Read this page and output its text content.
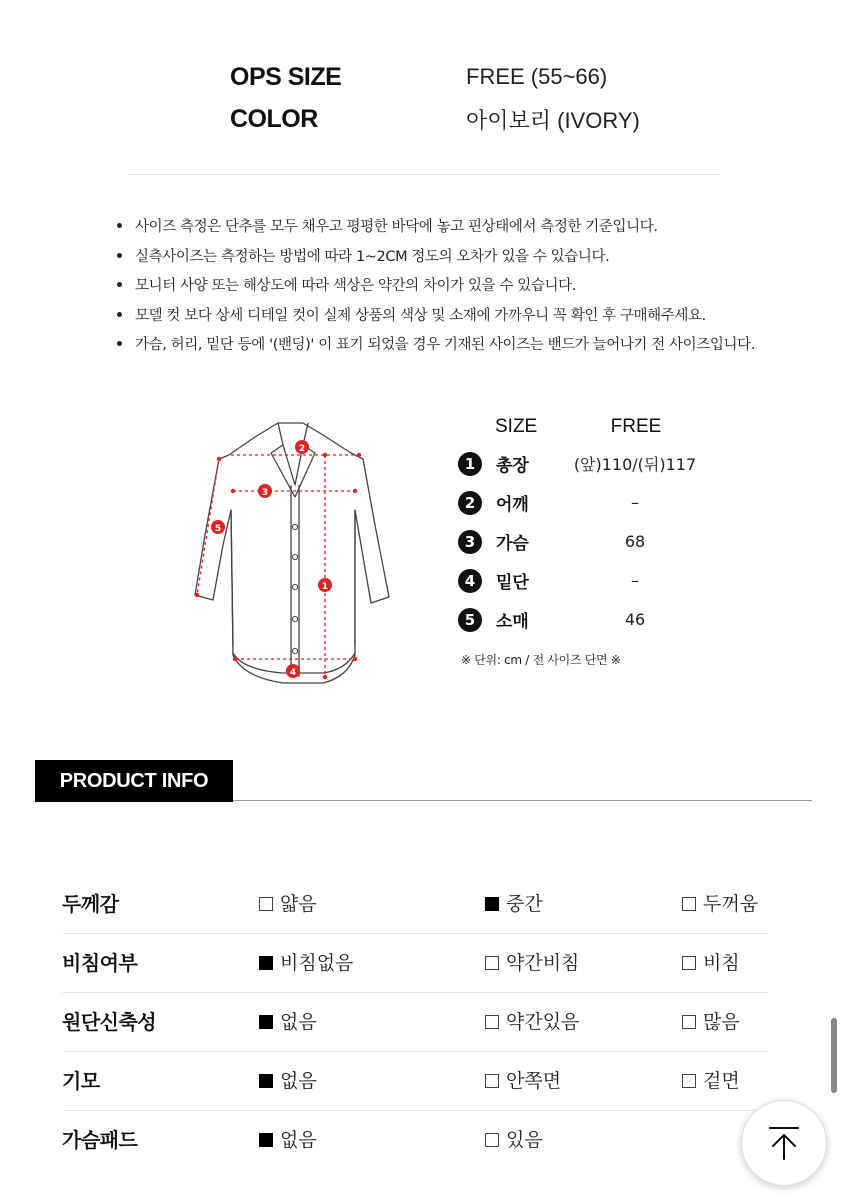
OPS SIZE	FREE (55~66)
COLOR	아이보리 (IVORY)
사이즈 측정은 단추를 모두 채우고 평평한 바닥에 놓고 핀상태에서 측정한 기준입니다.
실측사이즈는 측정하는 방법에 따라 1~2CM 정도의 오차가 있을 수 있습니다.
모니터 사양 또는 해상도에 따라 색상은 약간의 차이가 있을 수 있습니다.
모델 컷 보다 상세 디테일 컷이 실제 상품의 색상 및 소재에 가까우니 꼭 확인 후 구매해주세요.
가슴, 허리, 밑단 등에 '(밴딩)' 이 표기 되었을 경우 기재된 사이즈는 밴드가 늘어나기 전 사이즈입니다.
2
3
5
1
4
SIZE	FREE
1	총장	(앞)110/(뒤)117
2	어깨	–
3	가슴	68
4	밑단	–
5	소매	46
※ 단위: cm / 전 사이즈 단면 ※
PRODUCT INFO
두께감	얇음	중간	두꺼움
비침여부	비침없음	약간비침	비침
원단신축성	없음	약간있음	많음
기모	없음	안쪽면	겉면
가슴패드	없음	있음
